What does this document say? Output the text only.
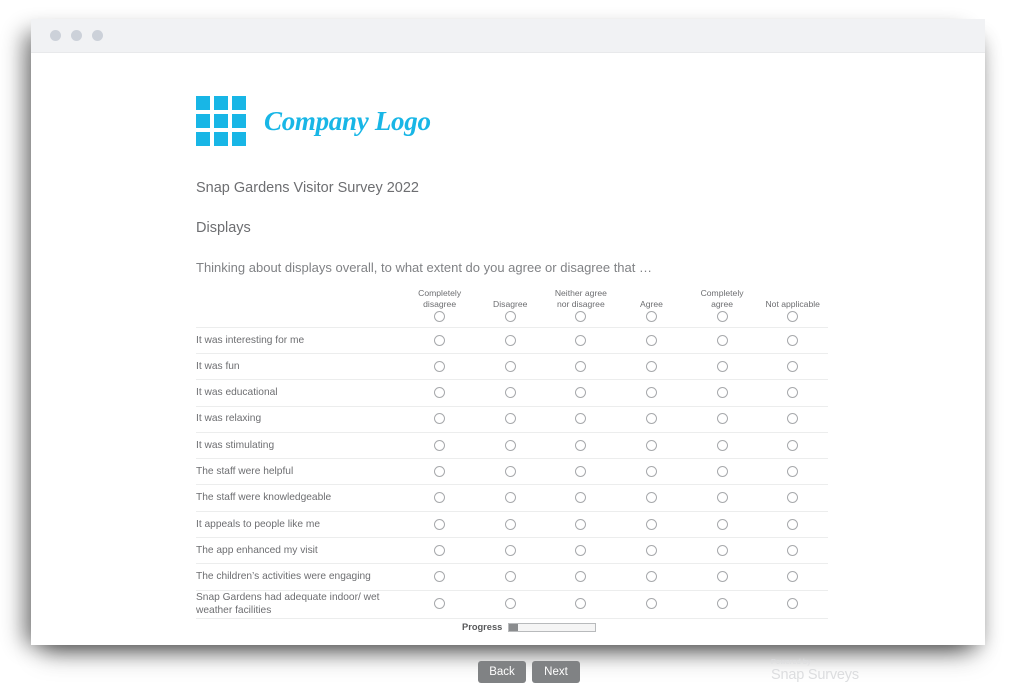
Company Logo
Snap Gardens Visitor Survey 2022
Displays
Thinking about displays overall, to what extent do you agree or disagree that …

	Completely disagree	Disagree	Neither agree nor disagree	Agree	Completely agree	Not applicable

It was interesting for me						
It was fun						
It was educational						
It was relaxing						
It was stimulating						
The staff were helpful						
The staff were knowledgeable						
It appeals to people like me						
The app enhanced my visit						
The children’s activities were engaging						
Snap Gardens had adequate indoor/ wet weather facilities						
Progress
Back	Next
Powered by
Snap Surveys
